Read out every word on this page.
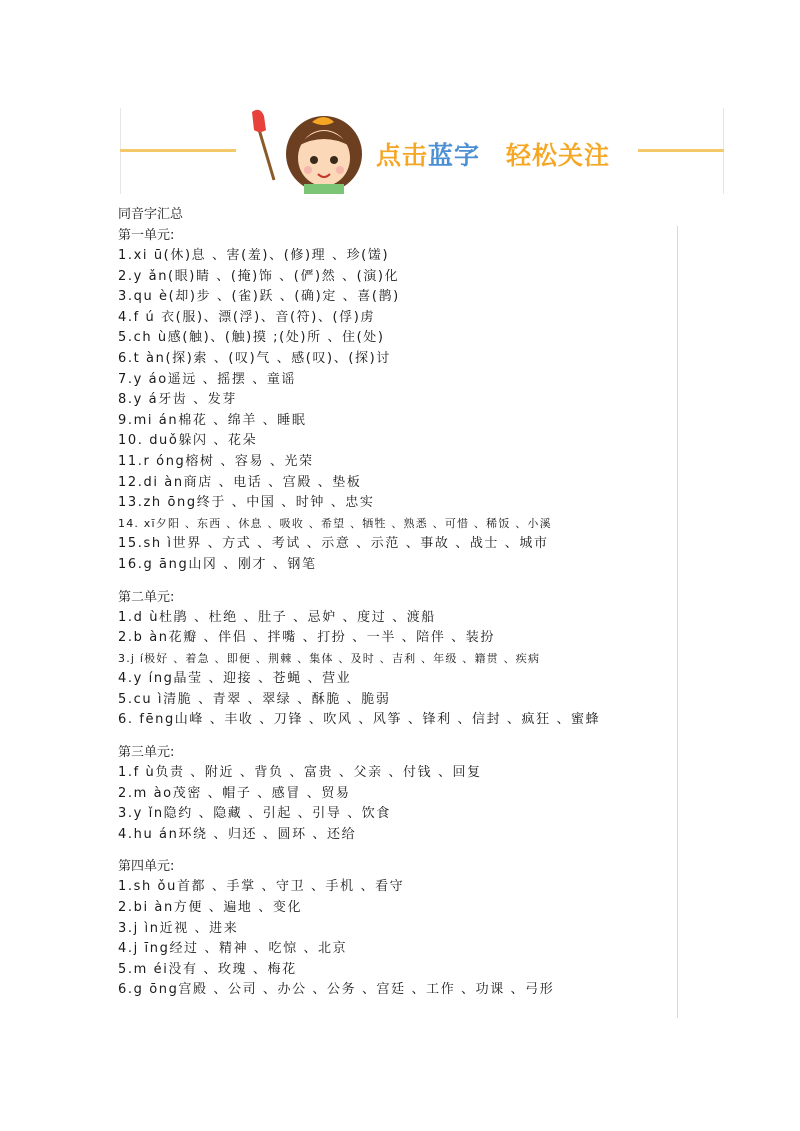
点击蓝字 轻松关注
同音字汇总
第一单元:
1.xi ū(休)息 、害(羞)、(修)理 、珍(馐)
2.y ǎn(眼)睛 、(掩)饰 、(俨)然 、(演)化
3.qu è(却)步 、(雀)跃 、(确)定 、喜(鹊)
4.f ú 衣(服)、漂(浮)、音(符)、(俘)虏
5.ch ù感(触)、(触)摸 ;(处)所 、住(处)
6.t àn(探)索 、(叹)气 、感(叹)、(探)讨
7.y áo遥远 、摇摆 、童谣
8.y á牙齿 、发芽
9.mi án棉花 、绵羊 、睡眠
10. duǒ躲闪 、花朵
11.r óng榕树 、容易 、光荣
12.di àn商店 、电话 、宫殿 、垫板
13.zh ōng终于 、中国 、时钟 、忠实
14. xī夕阳 、东西 、休息 、吸收 、希望 、牺牲 、熟悉 、可惜 、稀饭 、小溪
15.sh ì世界 、方式 、考试 、示意 、示范 、事故 、战士 、城市
16.g āng山冈 、刚才 、钢笔
第二单元:
1.d ù杜鹃 、杜绝 、肚子 、忌妒 、度过 、渡船
2.b àn花瓣 、伴侣 、拌嘴 、打扮 、一半 、陪伴 、装扮
3.j í极好 、着急 、即便 、荆棘 、集体 、及时 、吉利 、年级 、籍贯 、疾病
4.y íng晶莹 、迎接 、苍蝇 、营业
5.cu ì清脆 、青翠 、翠绿 、酥脆 、脆弱
6. fēng山峰 、丰收 、刀锋 、吹风 、风筝 、锋利 、信封 、疯狂 、蜜蜂
第三单元:
1.f ù负责 、附近 、背负 、富贵 、父亲 、付钱 、回复
2.m ào茂密 、帽子 、感冒 、贸易
3.y ǐn隐约 、隐藏 、引起 、引导 、饮食
4.hu án环绕 、归还 、圆环 、还给
第四单元:
1.sh ǒu首都 、手掌 、守卫 、手机 、看守
2.bi àn方便 、遍地 、变化
3.j ìn近视 、进来
4.j īng经过 、精神 、吃惊 、北京
5.m éi没有 、玫瑰 、梅花
6.g ōng宫殿 、公司 、办公 、公务 、宫廷 、工作 、功课 、弓形
